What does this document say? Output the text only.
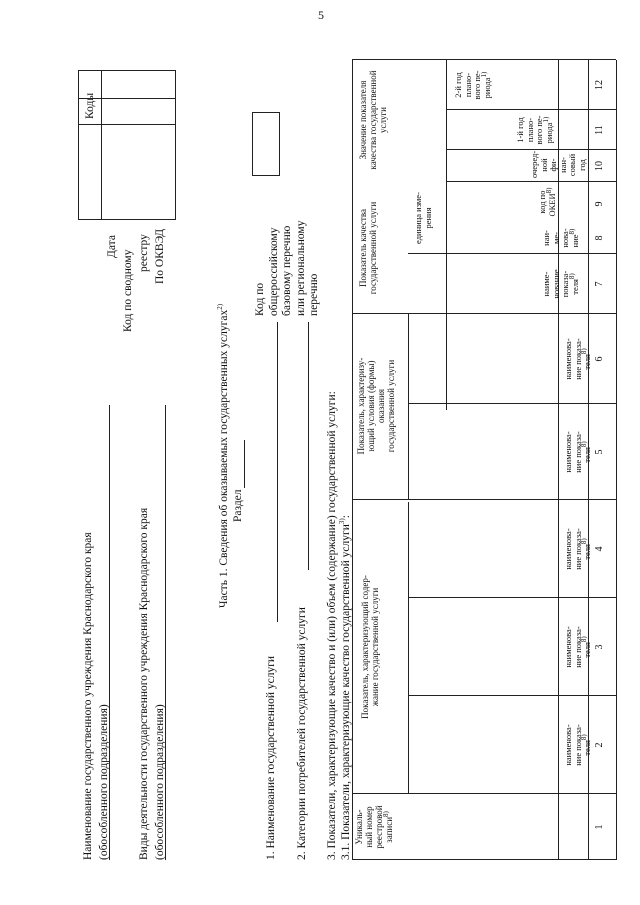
5
Наименование государственного учреждения Краснодарского края (обособленного подразделения) Виды деятельности государственного учреждения Краснодарского края (обособленного подразделения)
Дата
Код по сводному реестру По ОКВЭД
Коды
Часть 1. Сведения об оказываемых государственных услугах$^{2)}$
Раздел
1. Наименование государственной услуги 2. Категории потребителей государственной услуги
Код по общероссийскому базовому перечню или региональному перечню
3. Показатели, характеризующие качество и (или) объем (содержание) государственной услуги: 3.1. Показатели, характеризующие качество государственной услуги$^{3)}$:
Уникаль- ный номер реестровой записи$^{8)}$
Показатель, характеризующий содер- жание государственной услуги
Показатель, характеризу- ющий условия (формы) оказания государственной услуги
Показатель качества государственной услуги
Значение показателя качества государственной услуги
наименова- ние показа- теля$^{8)}$
наименова- ние показа- теля$^{8)}$
наименова- ние показа- теля$^{8)}$
наименова- ние показа- теля$^{8)}$
наименова- ние показа- теля$^{8)}$
наиме- нование показа- теля$^{8)}$
единица изме- рения
наи- ме- нова- ние$^{8)}$
код по ОКЕИ$^{8)}$
очеред- ной фи- нан- совый год
1-й год плано- вого пе- риода$^{1)}$
2-й год плано- вого пе- риода$^{1)}$
1
2
3
4
5
6
7
8
9
10
11
12
